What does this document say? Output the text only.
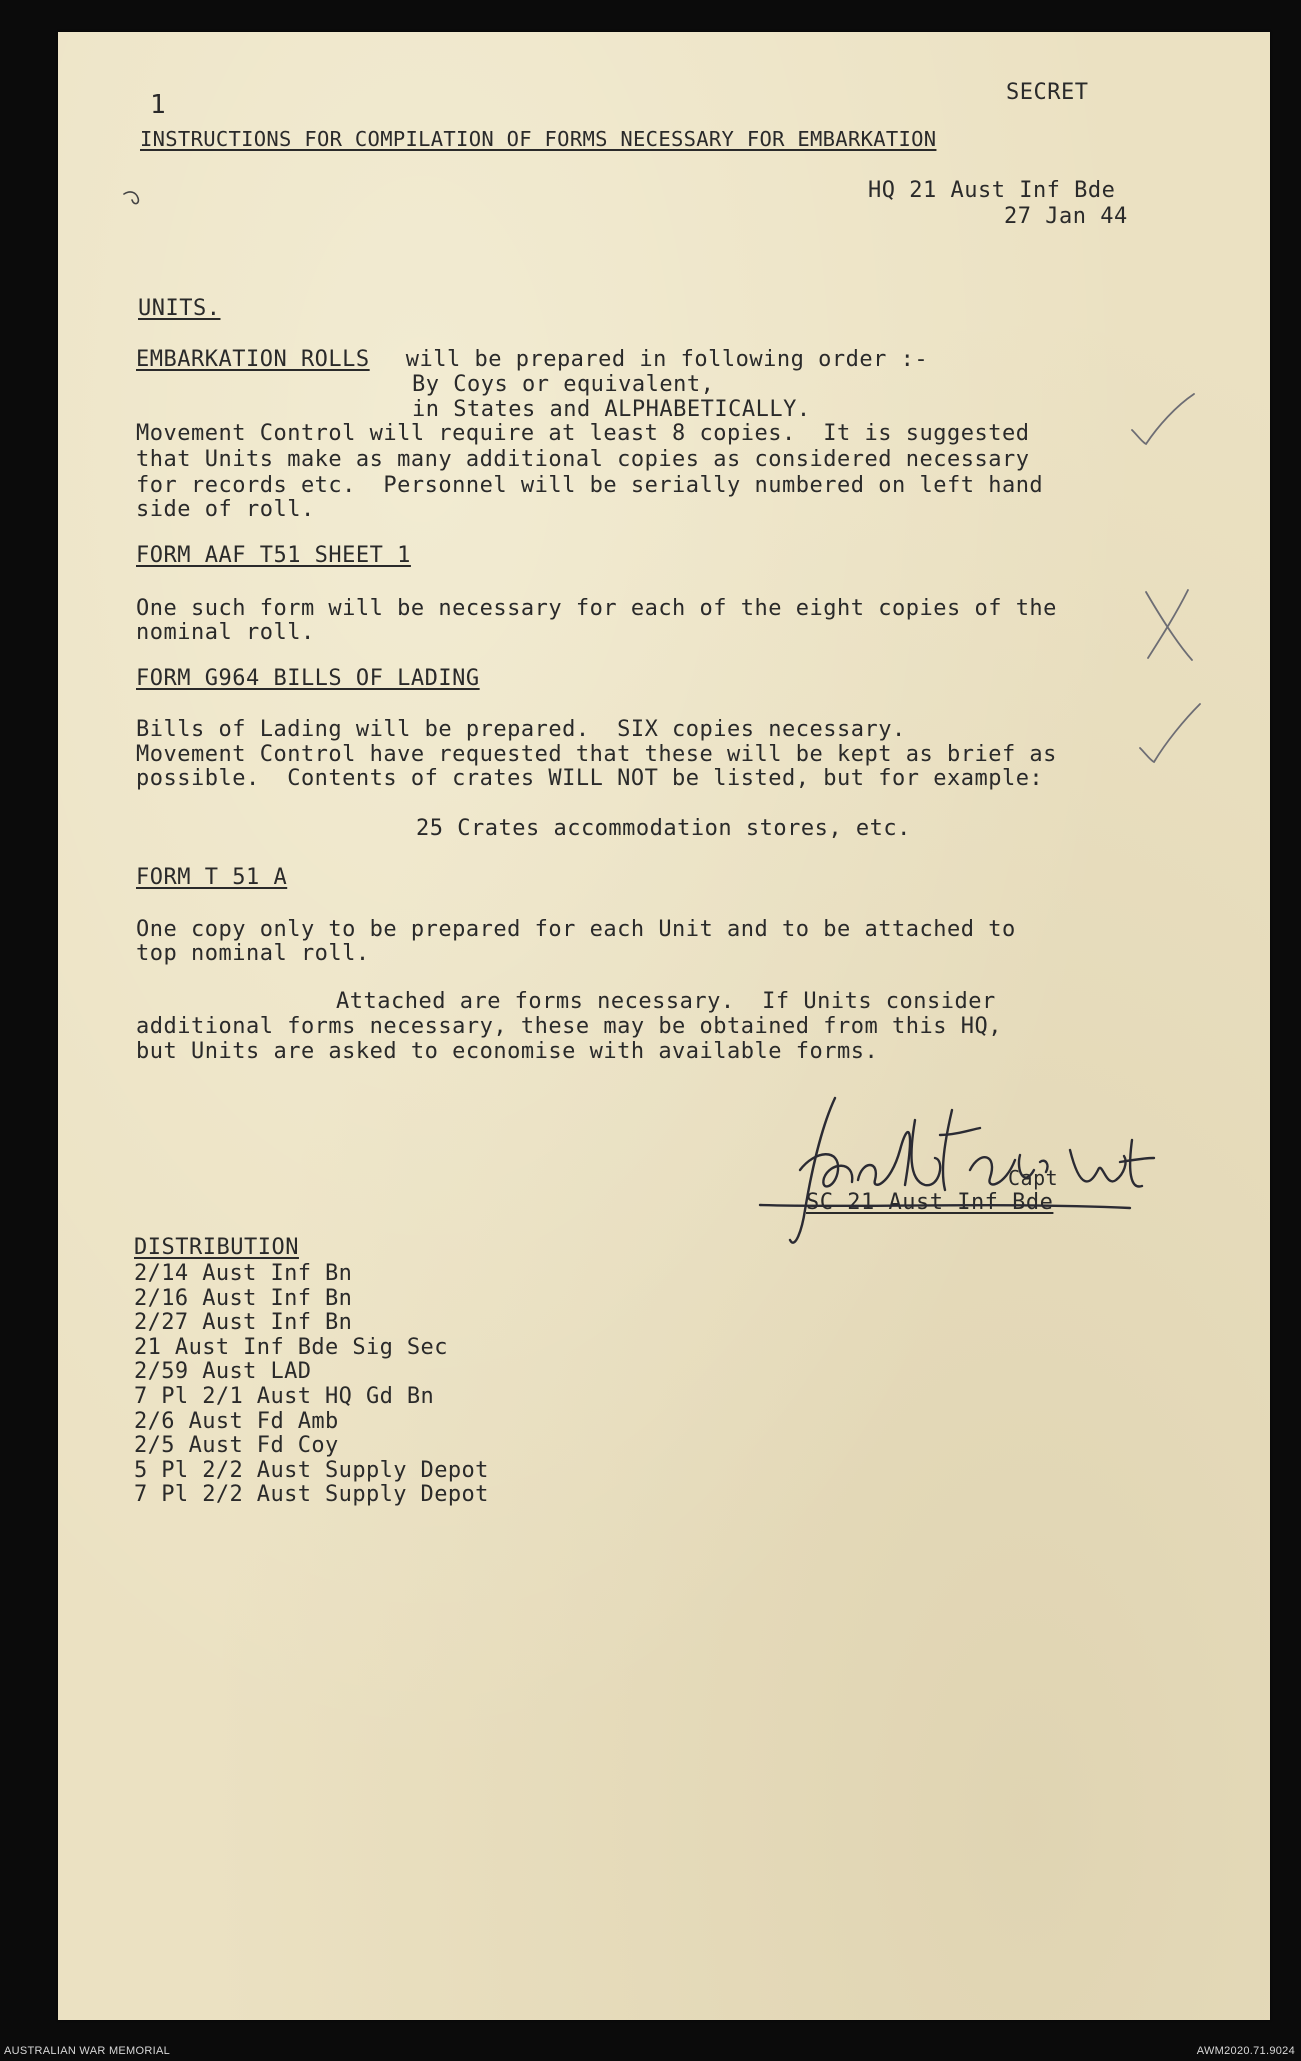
SECRET
1
INSTRUCTIONS FOR COMPILATION OF FORMS NECESSARY FOR EMBARKATION
HQ 21 Aust Inf Bde
27 Jan 44
UNITS.
EMBARKATION ROLLS will be prepared in following order :-
By Coys or equivalent,
in States and ALPHABETICALLY.
Movement Control will require at least 8 copies.  It is suggested
that Units make as many additional copies as considered necessary
for records etc.  Personnel will be serially numbered on left hand
side of roll.
FORM AAF T51 SHEET 1
One such form will be necessary for each of the eight copies of the
nominal roll.
FORM G964 BILLS OF LADING
Bills of Lading will be prepared.  SIX copies necessary.
Movement Control have requested that these will be kept as brief as
possible.  Contents of crates WILL NOT be listed, but for example:
25 Crates accommodation stores, etc.
FORM T 51 A
One copy only to be prepared for each Unit and to be attached to
top nominal roll.
Attached are forms necessary.  If Units consider
additional forms necessary, these may be obtained from this HQ,
but Units are asked to economise with available forms.
Capt
SC 21 Aust Inf Bde
DISTRIBUTION
2/14 Aust Inf Bn
2/16 Aust Inf Bn
2/27 Aust Inf Bn
21 Aust Inf Bde Sig Sec
2/59 Aust LAD
7 Pl 2/1 Aust HQ Gd Bn
2/6 Aust Fd Amb
2/5 Aust Fd Coy
5 Pl 2/2 Aust Supply Depot
7 Pl 2/2 Aust Supply Depot
AUSTRALIAN WAR MEMORIAL	AWM2020.71.9024
